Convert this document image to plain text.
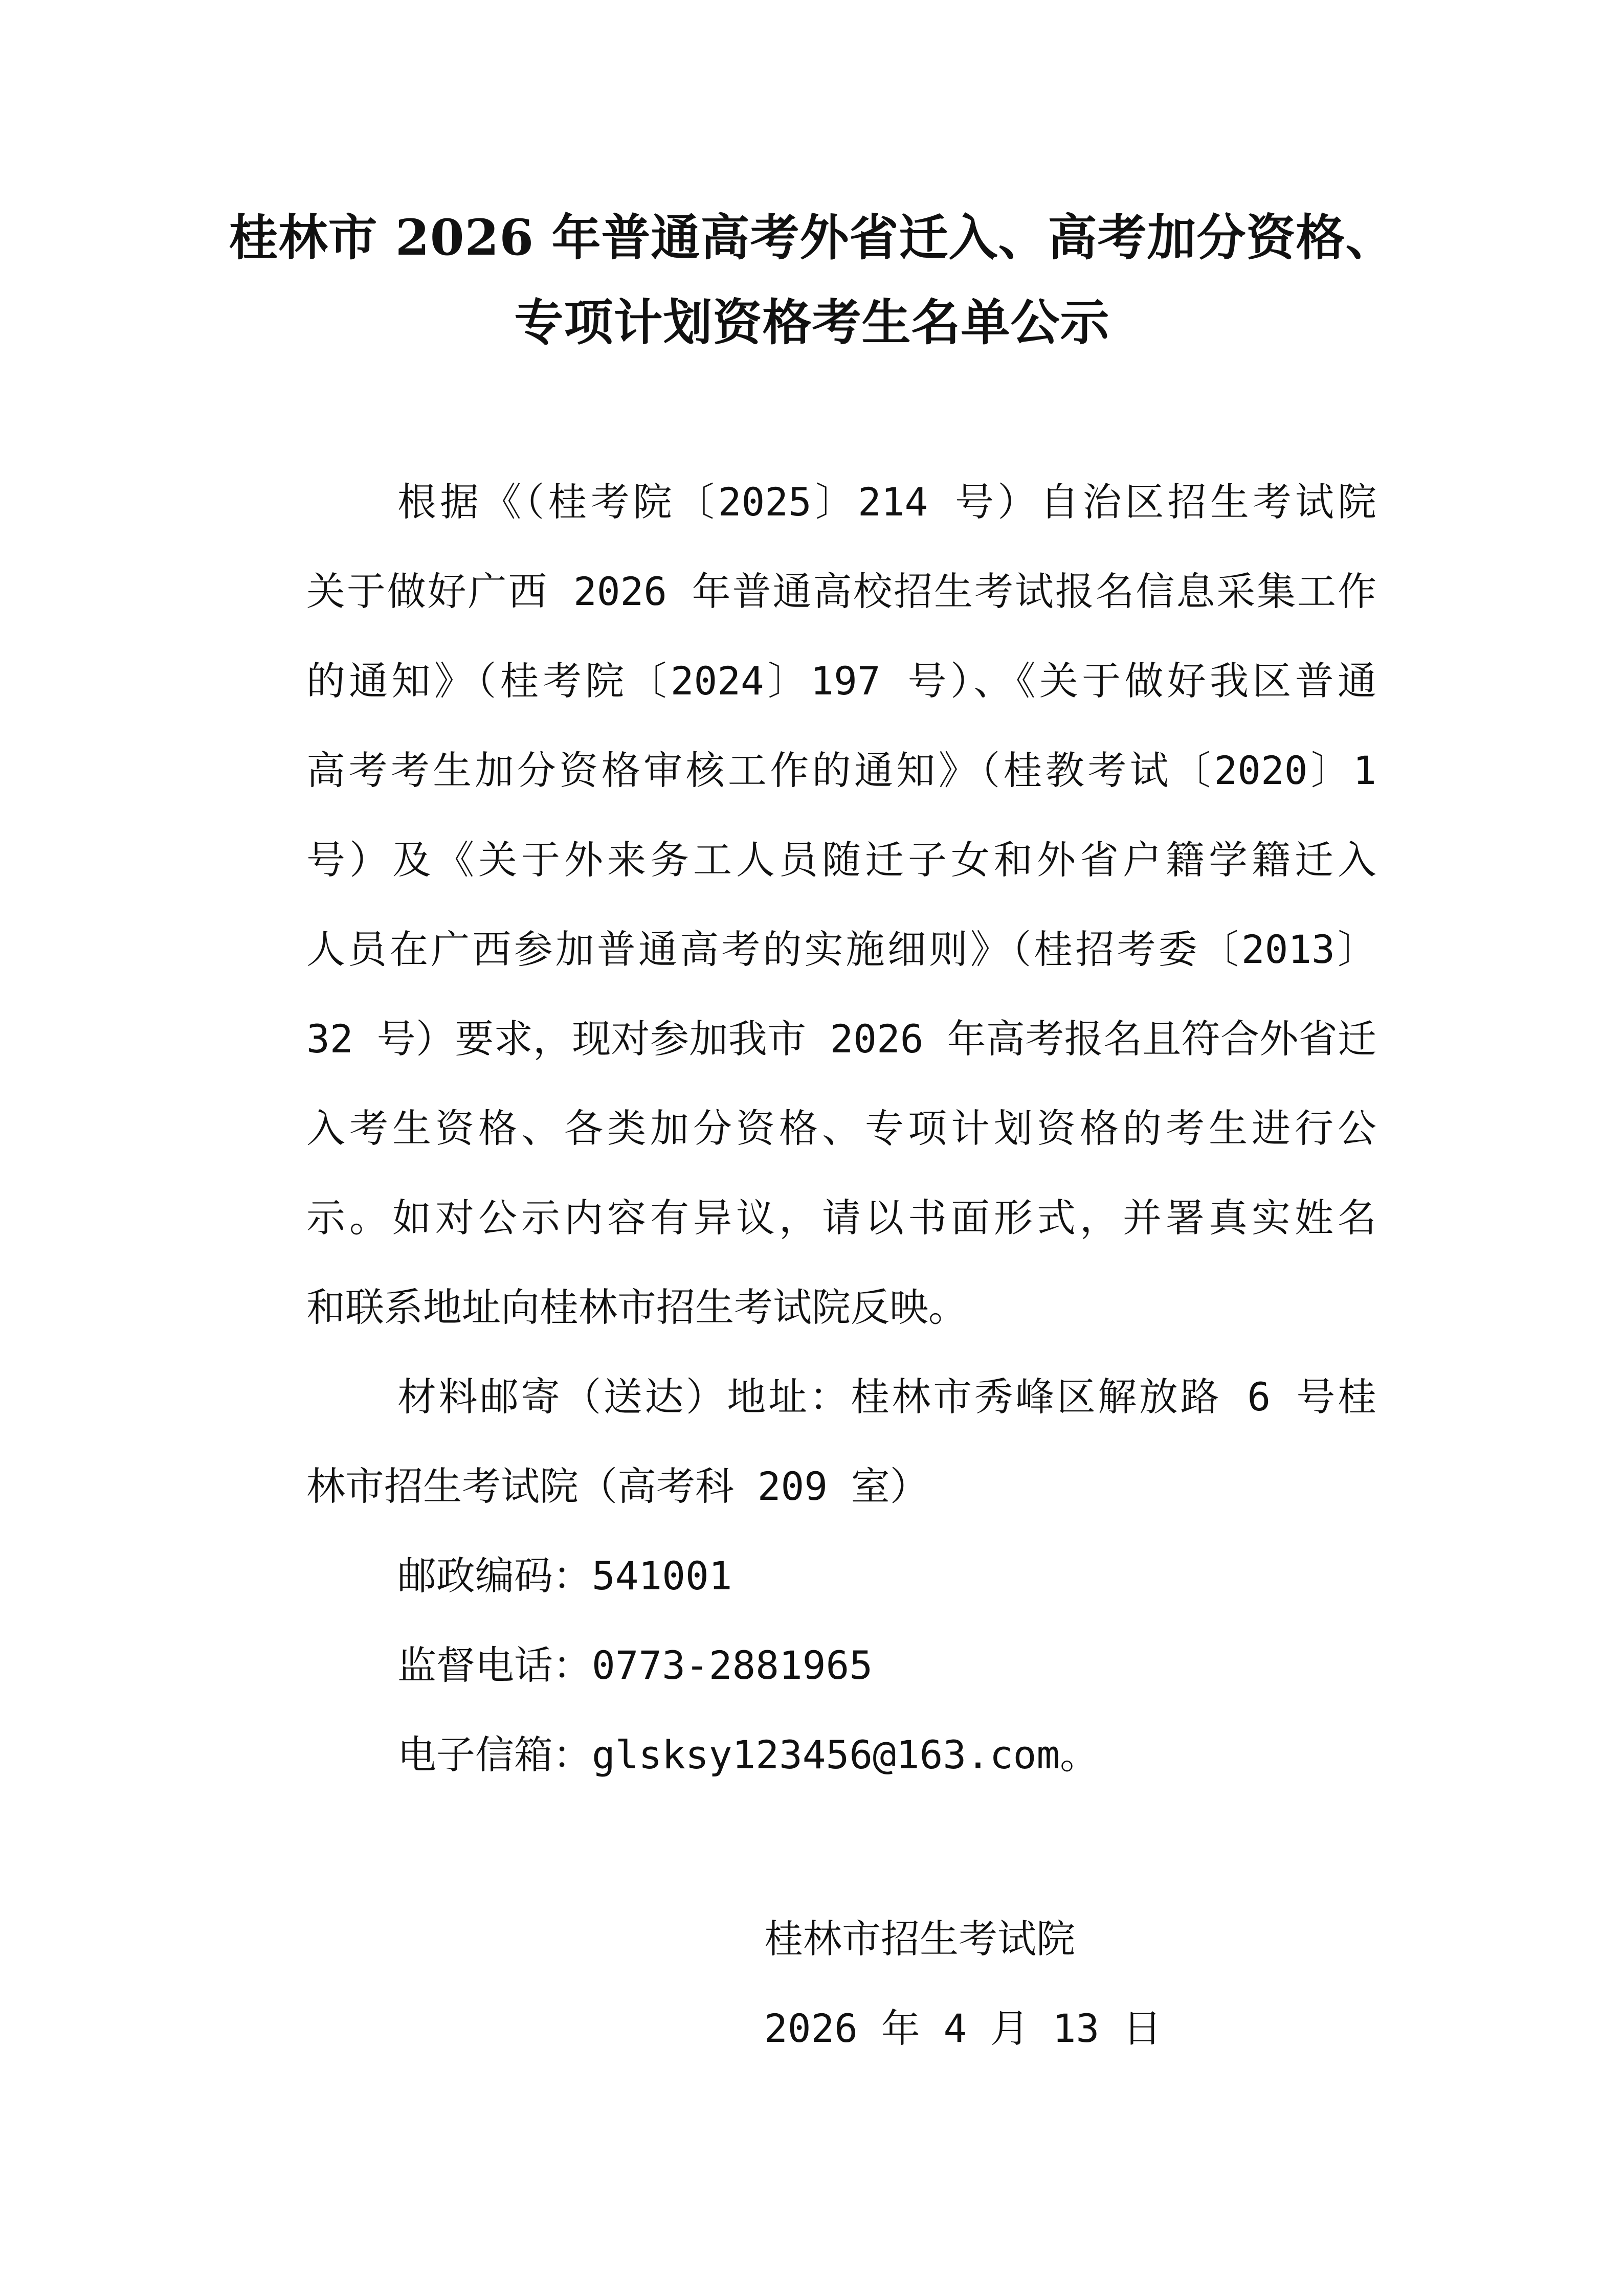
桂林市 2026 年普通高考外省迁入、高考加分资格、
专项计划资格考生名单公示
根据《（桂考院〔2025〕214 号）自治区招生考试院
关于做好广西 2026 年普通高校招生考试报名信息采集工作
的通知》（桂考院〔2024〕197 号）、《关于做好我区普通
高考考生加分资格审核工作的通知》（桂教考试〔2020〕1
号）及《关于外来务工人员随迁子女和外省户籍学籍迁入
人员在广西参加普通高考的实施细则》（桂招考委〔2013〕
32 号）要求，现对参加我市 2026 年高考报名且符合外省迁
入考生资格、各类加分资格、专项计划资格的考生进行公
示。如对公示内容有异议，请以书面形式，并署真实姓名
和联系地址向桂林市招生考试院反映。
材料邮寄（送达）地址：桂林市秀峰区解放路 6 号桂
林市招生考试院（高考科 209 室）
邮政编码：541001
监督电话：0773-2881965
电子信箱：glsksy123456@163.com。
桂林市招生考试院
2026 年 4 月 13 日
